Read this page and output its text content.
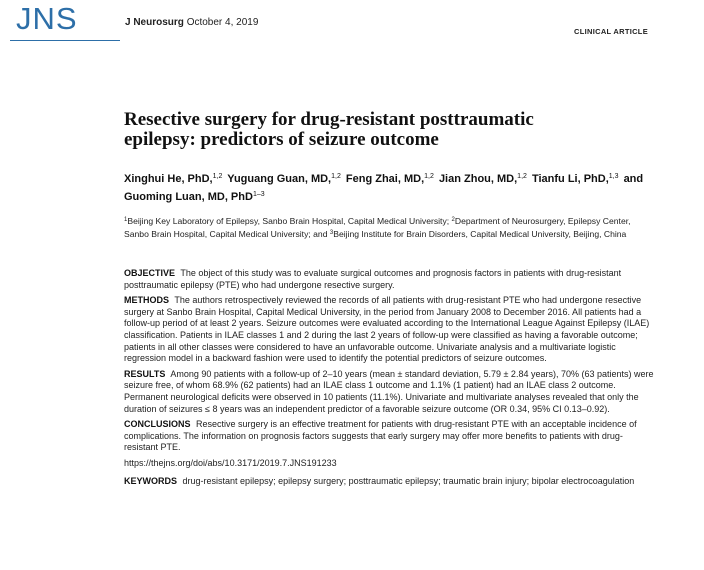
JNS	J Neurosurg October 4, 2019
CLINICAL ARTICLE
Resective surgery for drug-resistant posttraumatic epilepsy: predictors of seizure outcome
Xinghui He, PhD,$^{1,2}$ Yuguang Guan, MD,$^{1,2}$ Feng Zhai, MD,$^{1,2}$ Jian Zhou, MD,$^{1,2}$ Tianfu Li, PhD,$^{1,3}$ and Guoming Luan, MD, PhD$^{1-3}$
$^1$Beijing Key Laboratory of Epilepsy, Sanbo Brain Hospital, Capital Medical University; $^2$Department of Neurosurgery, Epilepsy Center, Sanbo Brain Hospital, Capital Medical University; and $^3$Beijing Institute for Brain Disorders, Capital Medical University, Beijing, China

OBJECTIVE The object of this study was to evaluate surgical outcomes and prognosis factors in patients with drug-resistant posttraumatic epilepsy (PTE) who had undergone resective surgery.

METHODS The authors retrospectively reviewed the records of all patients with drug-resistant PTE who had undergone resective surgery at Sanbo Brain Hospital, Capital Medical University, in the period from January 2008 to December 2016. All patients had a follow-up period of at least 2 years. Seizure outcomes were evaluated according to the International League Against Epilepsy (ILAE) classification. Patients in ILAE classes 1 and 2 during the last 2 years of follow-up were classified as having a favorable outcome; patients in all other classes were considered to have an unfavorable outcome. Univariate analysis and a multivariate logistic regression model in a backward fashion were used to identify the potential predictors of seizure outcomes.

RESULTS Among 90 patients with a follow-up of 2–10 years (mean ± standard deviation, 5.79 ± 2.84 years), 70% (63 patients) were seizure free, of whom 68.9% (62 patients) had an ILAE class 1 outcome and 1.1% (1 patient) had an ILAE class 2 outcome. Permanent neurological deficits were observed in 10 patients (11.1%). Univariate and multivariate analyses revealed that only the duration of seizures ≤ 8 years was an independent predictor of a favorable seizure outcome (OR 0.34, 95% CI 0.13–0.92).

CONCLUSIONS Resective surgery is an effective treatment for patients with drug-resistant PTE with an acceptable incidence of complications. The information on prognosis factors suggests that early surgery may offer more benefits to patients with drug-resistant PTE.

https://thejns.org/doi/abs/10.3171/2019.7.JNS191233

KEYWORDS drug-resistant epilepsy; epilepsy surgery; posttraumatic epilepsy; traumatic brain injury; bipolar electrocoagulation
